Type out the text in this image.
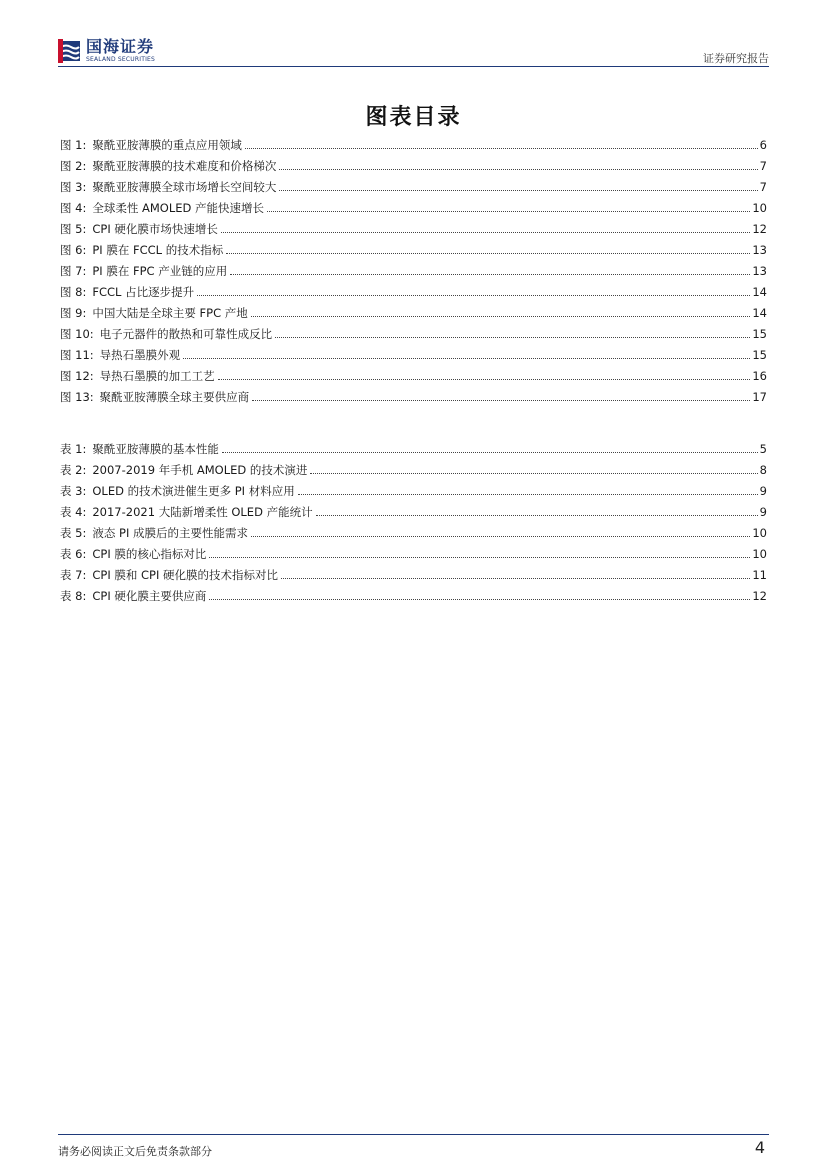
国海证券
SEALAND SECURITIES	证券研究报告
图表目录
图 1: 聚酰亚胺薄膜的重点应用领域	6
图 2: 聚酰亚胺薄膜的技术难度和价格梯次	7
图 3: 聚酰亚胺薄膜全球市场增长空间较大	7
图 4: 全球柔性 AMOLED 产能快速增长	10
图 5: CPI 硬化膜市场快速增长	12
图 6: PI 膜在 FCCL 的技术指标	13
图 7: PI 膜在 FPC 产业链的应用	13
图 8: FCCL 占比逐步提升	14
图 9: 中国大陆是全球主要 FPC 产地	14
图 10: 电子元器件的散热和可靠性成反比	15
图 11: 导热石墨膜外观	15
图 12: 导热石墨膜的加工工艺	16
图 13: 聚酰亚胺薄膜全球主要供应商	17
表 1: 聚酰亚胺薄膜的基本性能	5
表 2: 2007-2019 年手机 AMOLED 的技术演进	8
表 3: OLED 的技术演进催生更多 PI 材料应用	9
表 4: 2017-2021 大陆新增柔性 OLED 产能统计	9
表 5: 液态 PI 成膜后的主要性能需求	10
表 6: CPI 膜的核心指标对比	10
表 7: CPI 膜和 CPI 硬化膜的技术指标对比	11
表 8: CPI 硬化膜主要供应商	12
请务必阅读正文后免责条款部分	4
